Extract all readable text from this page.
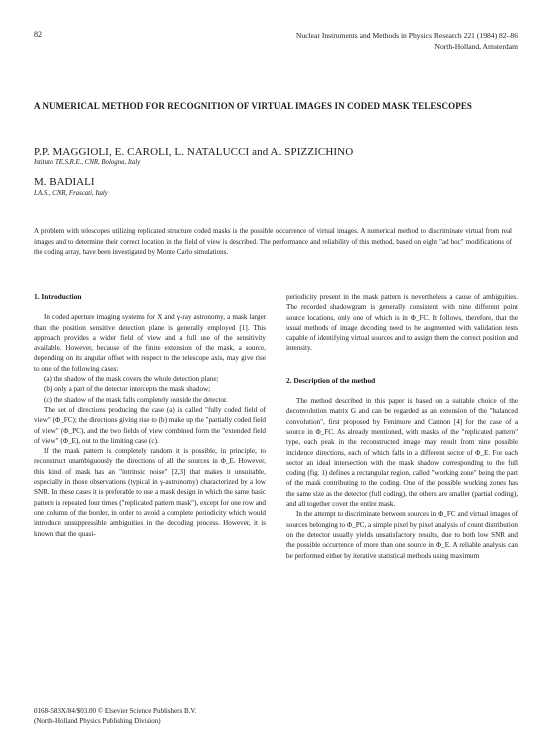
82	Nuclear Instruments and Methods in Physics Research 221 (1984) 82–86
North-Holland, Amsterdam
A NUMERICAL METHOD FOR RECOGNITION OF VIRTUAL IMAGES IN CODED MASK TELESCOPES
P.P. MAGGIOLI, E. CAROLI, L. NATALUCCI and A. SPIZZICHINO
Istituto TE.S.R.E., CNR, Bologna, Italy
M. BADIALI
I.A.S., CNR, Frascati, Italy
A problem with telescopes utilizing replicated structure coded masks is the possible occurrence of virtual images. A numerical method to discriminate virtual from real images and to determine their correct location in the field of view is described. The performance and reliability of this method, based on eight "ad hoc" modifications of the coding array, have been investigated by Monte Carlo simulations.
1. Introduction

In coded aperture imaging systems for X and γ-ray astronomy, a mask larger than the position sensitive detection plane is generally employed [1]. This approach provides a wider field of view and a full use of the sensitivity available. However, because of the finite extension of the mask, a source, depending on its angular offset with respect to the telescope axis, may give rise to one of the following cases:

(a) the shadow of the mask covers the whole detection plane;

(b) only a part of the detector intercepts the mask shadow;

(c) the shadow of the mask falls completely outside the detector.

The set of directions producing the case (a) is called "fully coded field of view" (Φ_FC); the directions giving rise to (b) make up the "partially coded field of view" (Φ_PC), and the two fields of view combined form the "extended field of view" (Φ_E), out to the limiting case (c).

If the mask pattern is completely random it is possible, in principle, to reconstruct unambiguously the directions of all the sources in Φ_E. However, this kind of mask has an "intrinsic noise" [2,3] that makes it unsuitable, especially in those observations (typical in γ-astronomy) characterized by a low SNR. In these cases it is preferable to use a mask design in which the same basic pattern is repeated four times ("replicated pattern mask"), except for one row and one column of the border, in order to avoid a complete periodicity which would introduce unsuppressible ambiguities in the decoding process. However, it is known that the quasi-

periodicity present in the mask pattern is nevertheless a cause of ambiguities. The recorded shadowgram is generally consistent with nine different point source locations, only one of which is in Φ_FC. It follows, therefore, that the usual methods of image decoding need to be augmented with validation tests capable of identifying virtual sources and to assign them the correct position and intensity.

2. Description of the method

The method described in this paper is based on a suitable choice of the deconvolution matrix G and can be regarded as an extension of the "balanced convolution", first proposed by Fenimore and Cannon [4] for the case of a source in Φ_FC. As already mentioned, with masks of the "replicated pattern" type, each peak in the reconstructed image may result from nine possible incidence directions, each of which falls in a different sector of Φ_E. For each sector an ideal intersection with the mask shadow corresponding to the full coding (fig. 1) defines a rectangular region, called "working zone" being the part of the mask contributing to the coding. One of the possible working zones has the same size as the detector (full coding), the others are smaller (partial coding), and all together cover the entire mask.

In the attempt to discriminate between sources in Φ_FC and virtual images of sources belonging to Φ_PC, a simple pixel by pixel analysis of count distribution on the detector usually yields unsatisfactory results, due to both low SNR and the possible occurrence of more than one source in Φ_E. A reliable analysis can be performed either by iterative statistical methods using maximum

0168-583X/84/$03.00 © Elsevier Science Publishers B.V.
(North-Holland Physics Publishing Division)
